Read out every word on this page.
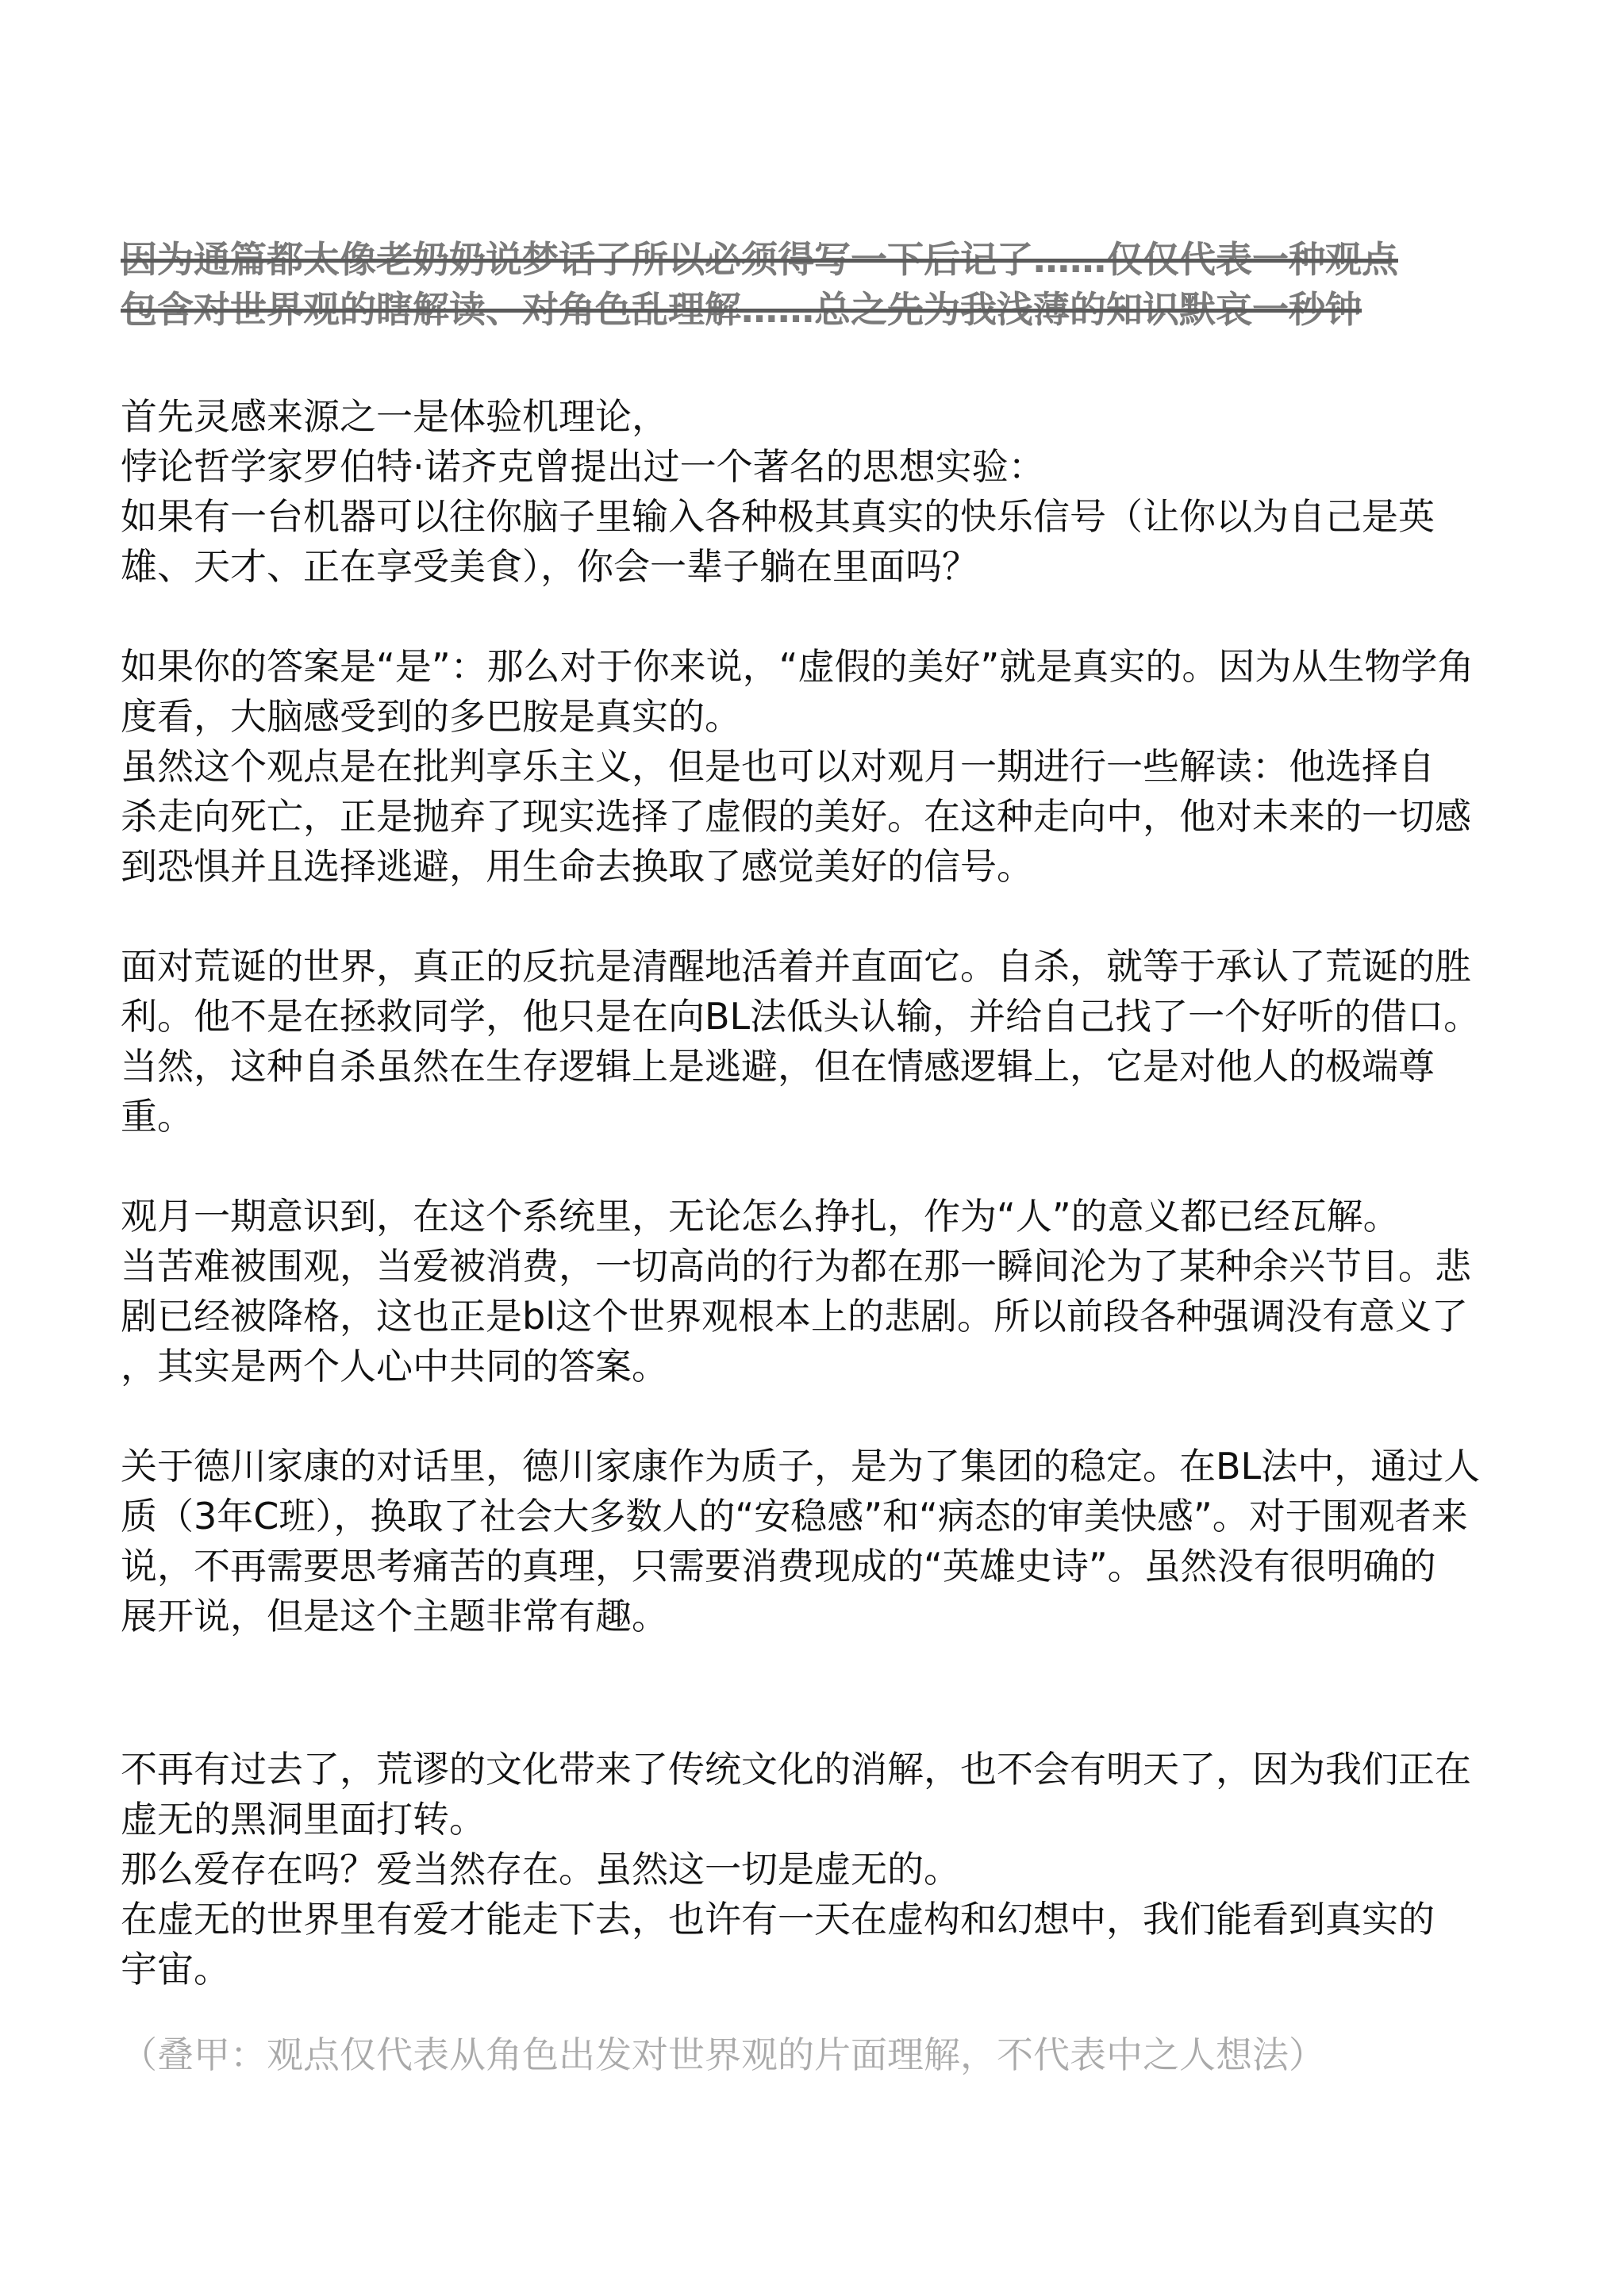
因为通篇都太像老奶奶说梦话了所以必须得写一下后记了……仅仅代表一种观点

包含对世界观的瞎解读、对角色乱理解……总之先为我浅薄的知识默哀一秒钟

首先灵感来源之一是体验机理论，

悖论哲学家罗伯特·诺齐克曾提出过一个著名的思想实验：

如果有一台机器可以往你脑子里输入各种极其真实的快乐信号（让你以为自己是英

雄、天才、正在享受美食），你会一辈子躺在里面吗？

如果你的答案是“是”：那么对于你来说，“虚假的美好”就是真实的。因为从生物学角

度看，大脑感受到的多巴胺是真实的。

虽然这个观点是在批判享乐主义，但是也可以对观月一期进行一些解读：他选择自

杀走向死亡，正是抛弃了现实选择了虚假的美好。在这种走向中，他对未来的一切感

到恐惧并且选择逃避，用生命去换取了感觉美好的信号。

面对荒诞的世界，真正的反抗是清醒地活着并直面它。自杀，就等于承认了荒诞的胜

利。他不是在拯救同学，他只是在向BL法低头认输，并给自己找了一个好听的借口。

当然，这种自杀虽然在生存逻辑上是逃避，但在情感逻辑上，它是对他人的极端尊

重。

观月一期意识到，在这个系统里，无论怎么挣扎，作为“人”的意义都已经瓦解。

当苦难被围观，当爱被消费，一切高尚的行为都在那一瞬间沦为了某种余兴节目。悲

剧已经被降格，这也正是bl这个世界观根本上的悲剧。所以前段各种强调没有意义了

，其实是两个人心中共同的答案。

关于德川家康的对话里，德川家康作为质子，是为了集团的稳定。在BL法中，通过人

质（3年C班），换取了社会大多数人的“安稳感”和“病态的审美快感”。对于围观者来

说，不再需要思考痛苦的真理，只需要消费现成的“英雄史诗”。虽然没有很明确的

展开说，但是这个主题非常有趣。

不再有过去了，荒谬的文化带来了传统文化的消解，也不会有明天了，因为我们正在

虚无的黑洞里面打转。

那么爱存在吗？爱当然存在。虽然这一切是虚无的。

在虚无的世界里有爱才能走下去，也许有一天在虚构和幻想中，我们能看到真实的

宇宙。

（叠甲：观点仅代表从角色出发对世界观的片面理解，不代表中之人想法）
